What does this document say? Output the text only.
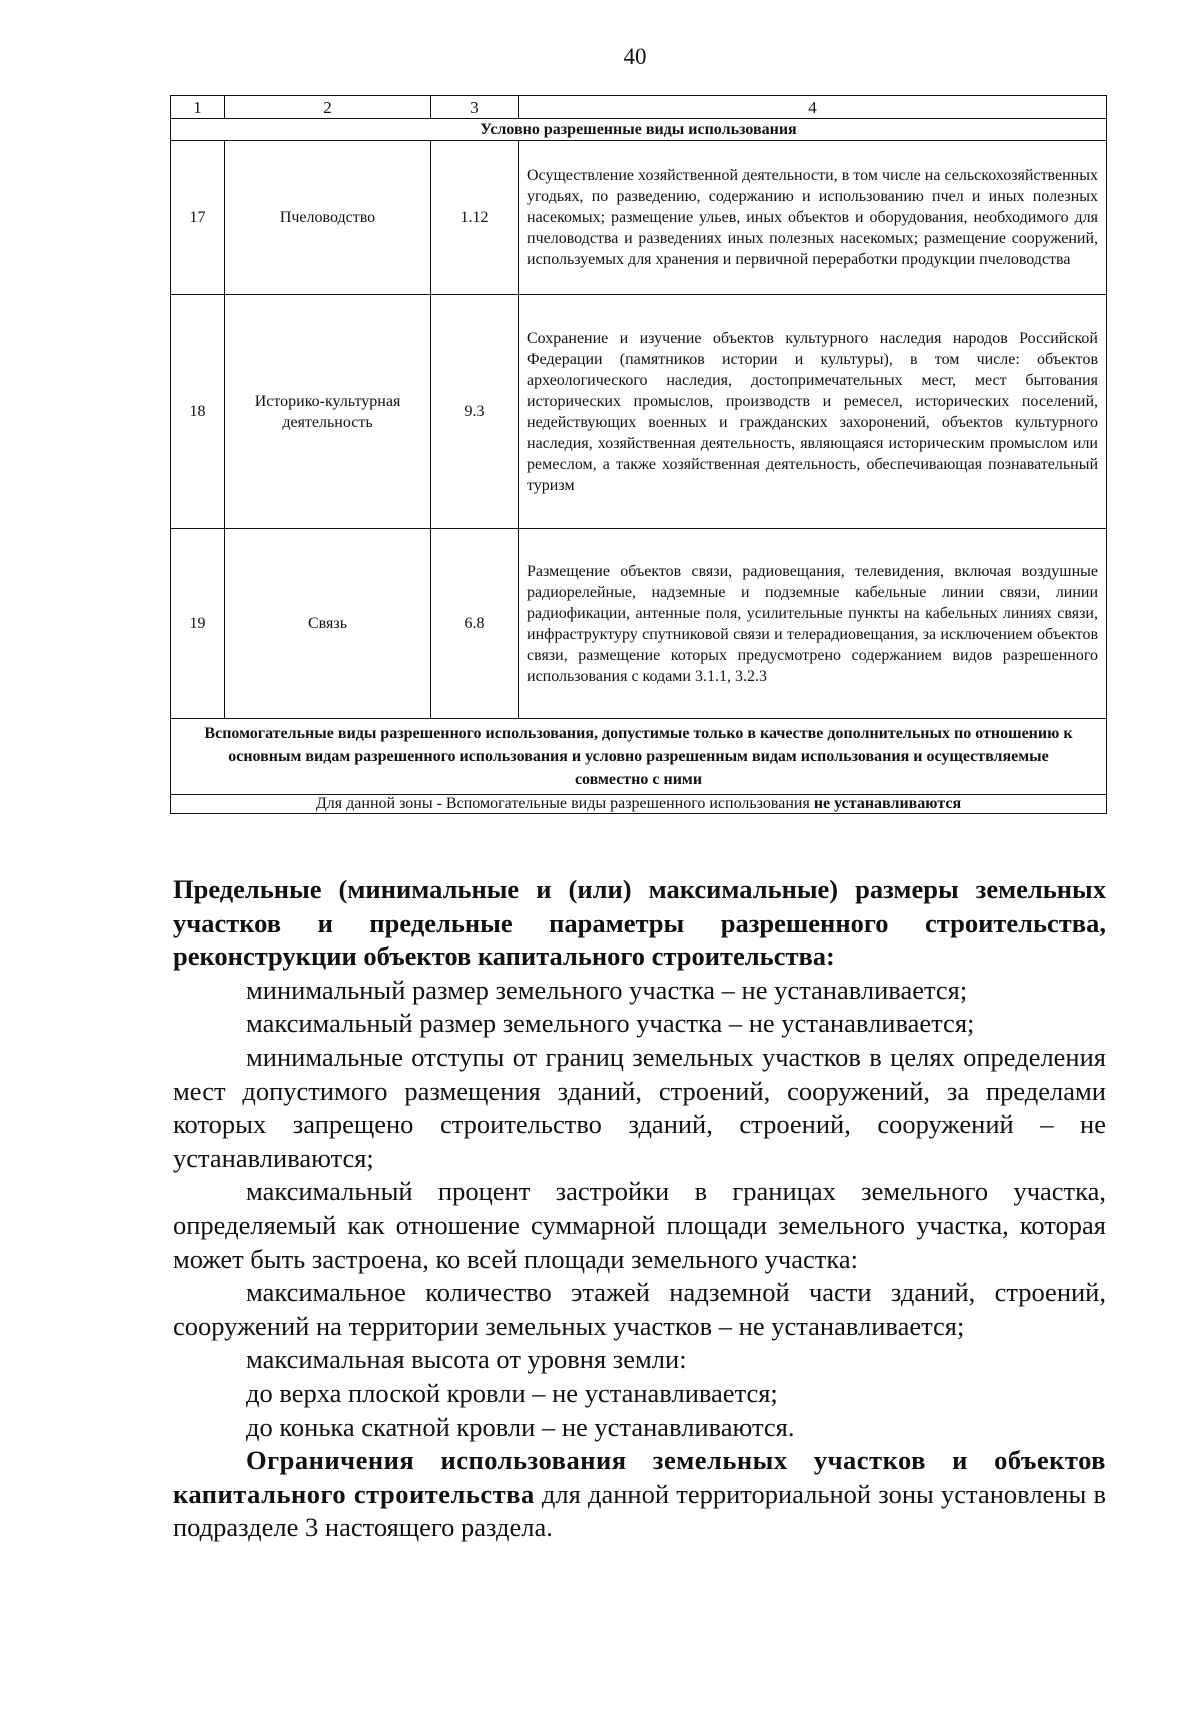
40
1	2	3	4
Условно разрешенные виды использования			
17	Пчеловодство	1.12	Осуществление хозяйственной деятельности, в том числе на сельскохозяйственных угодьях, по разведению, содержанию и использованию пчел и иных полезных насекомых; размещение ульев, иных объектов и оборудования, необходимого для пчеловодства и разведениях иных полезных насекомых; размещение сооружений, используемых для хранения и первичной переработки продукции пчеловодства
18	Историко-культурная деятельность	9.3	Сохранение и изучение объектов культурного наследия народов Российской Федерации (памятников истории и культуры), в том числе: объектов археологического наследия, достопримечательных мест, мест бытования исторических промыслов, производств и ремесел, исторических поселений, недействующих военных и гражданских захоронений, объектов культурного наследия, хозяйственная деятельность, являющаяся историческим промыслом или ремеслом, а также хозяйственная деятельность, обеспечивающая познавательный туризм
19	Связь	6.8	Размещение объектов связи, радиовещания, телевидения, включая воздушные радиорелейные, надземные и подземные кабельные линии связи, линии радиофикации, антенные поля, усилительные пункты на кабельных линиях связи, инфраструктуру спутниковой связи и телерадиовещания, за исключением объектов связи, размещение которых предусмотрено содержанием видов разрешенного использования с кодами 3.1.1, 3.2.3
Вспомогательные виды разрешенного использования, допустимые только в качестве дополнительных по отношению к основным видам разрешенного использования и условно разрешенным видам использования и осуществляемые совместно с ними			
Для данной зоны - Вспомогательные виды разрешенного использования не устанавливаются			

Предельные (минимальные и (или) максимальные) размеры земельных участков и предельные параметры разрешенного строительства, реконструкции объектов капитального строительства:

минимальный размер земельного участка – не устанавливается;

максимальный размер земельного участка – не устанавливается;

минимальные отступы от границ земельных участков в целях определения мест допустимого размещения зданий, строений, сооружений, за пределами которых запрещено строительство зданий, строений, сооружений – не устанавливаются;

максимальный процент застройки в границах земельного участка, определяемый как отношение суммарной площади земельного участка, которая может быть застроена, ко всей площади земельного участка:

максимальное количество этажей надземной части зданий, строений, сооружений на территории земельных участков – не устанавливается;

максимальная высота от уровня земли:

до верха плоской кровли – не устанавливается;

до конька скатной кровли – не устанавливаются.

Ограничения использования земельных участков и объектов капитального строительства для данной территориальной зоны установлены в подразделе 3 настоящего раздела.
